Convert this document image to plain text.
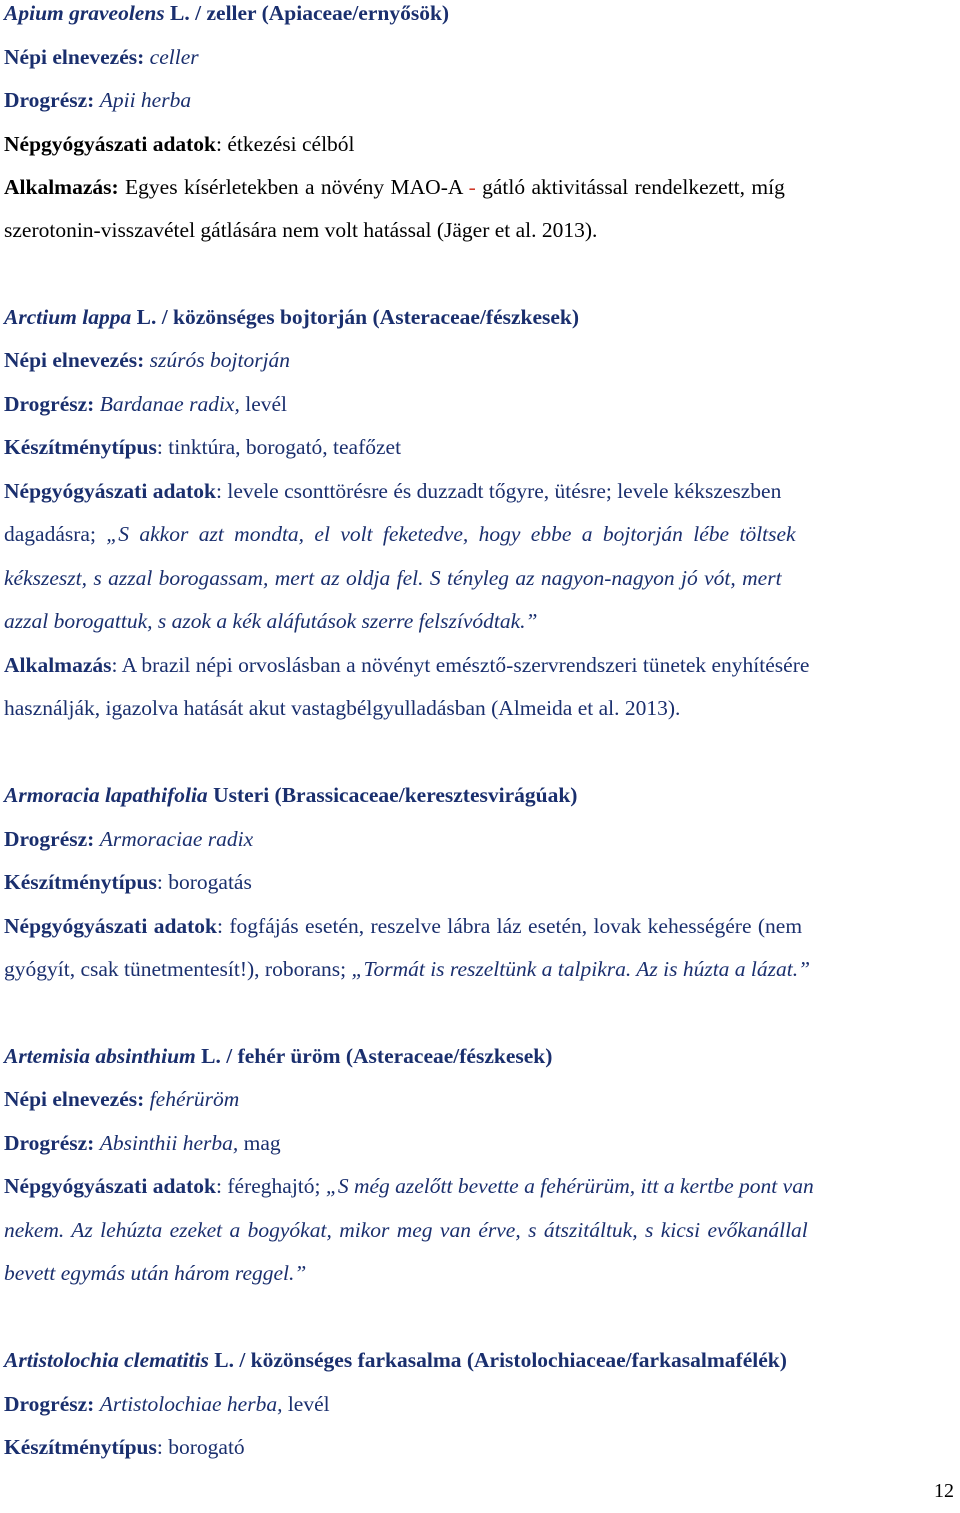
Apium graveolens L. / zeller (Apiaceae/ernyősök)
Népi elnevezés: celler
Drogrész: Apii herba
Népgyógyászati adatok: étkezési célból
Alkalmazás: Egyes kísérletekben a növény MAO-A - gátló aktivitással rendelkezett, míg
szerotonin-visszavétel gátlására nem volt hatással (Jäger et al. 2013).
Arctium lappa L. / közönséges bojtorján (Asteraceae/fészkesek)
Népi elnevezés: szúrós bojtorján
Drogrész: Bardanae radix, levél
Készítménytípus: tinktúra, borogató, teafőzet
Népgyógyászati adatok: levele csonttörésre és duzzadt tőgyre, ütésre; levele kékszeszben
dagadásra; „S akkor azt mondta, el volt feketedve, hogy ebbe a bojtorján lébe töltsek
kékszeszt, s azzal borogassam, mert az oldja fel. S tényleg az nagyon-nagyon jó vót, mert
azzal borogattuk, s azok a kék aláfutások szerre felszívódtak.”
Alkalmazás: A brazil népi orvoslásban a növényt emésztő-szervrendszeri tünetek enyhítésére
használják, igazolva hatását akut vastagbélgyulladásban (Almeida et al. 2013).
Armoracia lapathifolia Usteri (Brassicaceae/keresztesvirágúak)
Drogrész: Armoraciae radix
Készítménytípus: borogatás
Népgyógyászati adatok: fogfájás esetén, reszelve lábra láz esetén, lovak kehességére (nem
gyógyít, csak tünetmentesít!), roborans; „Tormát is reszeltünk a talpikra. Az is húzta a lázat.”
Artemisia absinthium L. / fehér üröm (Asteraceae/fészkesek)
Népi elnevezés: fehérüröm
Drogrész: Absinthii herba, mag
Népgyógyászati adatok: féreghajtó; „S még azelőtt bevette a fehérürüm, itt a kertbe pont van
nekem. Az lehúzta ezeket a bogyókat, mikor meg van érve, s átszitáltuk, s kicsi evőkanállal
bevett egymás után három reggel.”
Artistolochia clematitis L. / közönséges farkasalma (Aristolochiaceae/farkasalmafélék)
Drogrész: Artistolochiae herba, levél
Készítménytípus: borogató
12
